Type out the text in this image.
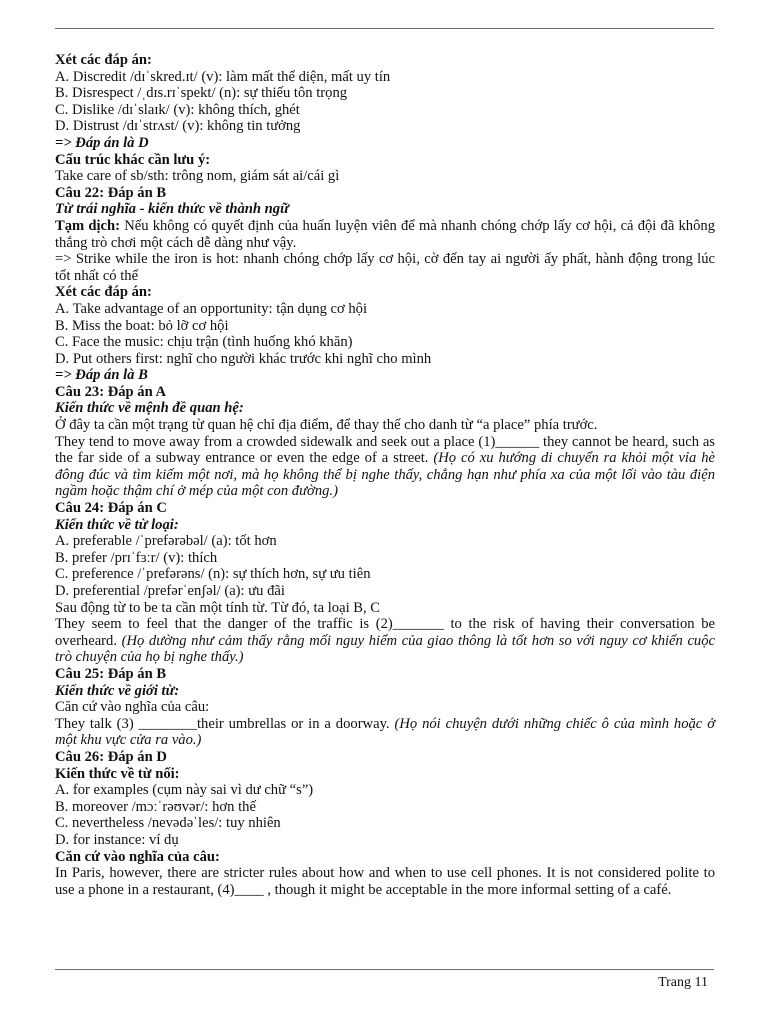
Xét các đáp án:

A. Discredit /dɪˈskred.ɪt/ (v): làm mất thể diện, mất uy tín

B. Disrespect /ˌdɪs.rɪˈspekt/ (n): sự thiếu tôn trọng

C. Dislike /dɪˈslaɪk/ (v): không thích, ghét

D. Distrust /dɪˈstrʌst/ (v): không tin tưởng

=> Đáp án là D

Cấu trúc khác cần lưu ý:

Take care of sb/sth: trông nom, giám sát ai/cái gì

Câu 22: Đáp án B

Từ trái nghĩa - kiến thức về thành ngữ

Tạm dịch: Nếu không có quyết định của huấn luyện viên để mà nhanh chóng chớp lấy cơ hội, cả đội đã không thắng trò chơi một cách dễ dàng như vậy.

=> Strike while the iron is hot: nhanh chóng chớp lấy cơ hội, cờ đến tay ai người ấy phất, hành động trong lúc tốt nhất có thể

Xét các đáp án:

A. Take advantage of an opportunity: tận dụng cơ hội

B. Miss the boat: bỏ lỡ cơ hội

C. Face the music: chịu trận (tình huống khó khăn)

D. Put others first: nghĩ cho người khác trước khi nghĩ cho mình

=> Đáp án là B

Câu 23: Đáp án A

Kiến thức về mệnh đề quan hệ:

Ở đây ta cần một trạng từ quan hệ chỉ địa điểm, để thay thế cho danh từ “a place” phía trước.

They tend to move away from a crowded sidewalk and seek out a place (1)______ they cannot be heard, such as the far side of a subway entrance or even the edge of a street. (Họ có xu hướng di chuyển ra khỏi một vỉa hè đông đúc và tìm kiếm một nơi, mà họ không thể bị nghe thấy, chẳng hạn như phía xa của một lối vào tàu điện ngầm hoặc thậm chí ở mép của một con đường.)

Câu 24: Đáp án C

Kiến thức về từ loại:

A. preferable /ˈprefərəbəl/ (a): tốt hơn

B. prefer /prɪˈfɜːr/ (v): thích

C. preference /ˈprefərəns/ (n): sự thích hơn, sự ưu tiên

D. preferential /prefərˈenʃəl/ (a): ưu đãi

Sau động từ to be ta cần một tính từ. Từ đó, ta loại B, C

They seem to feel that the danger of the traffic is (2)_______ to the risk of having their conversation be overheard. (Họ dường như cảm thấy rằng mối nguy hiểm của giao thông là tốt hơn so với nguy cơ khiến cuộc trò chuyện của họ bị nghe thấy.)

Câu 25: Đáp án B

Kiến thức về giới từ:

Căn cứ vào nghĩa của câu:

They talk (3) ________their umbrellas or in a doorway. (Họ nói chuyện dưới những chiếc ô của mình hoặc ở một khu vực cửa ra vào.)

Câu 26: Đáp án D

Kiến thức về từ nối:

A. for examples (cụm này sai vì dư chữ “s”)

B. moreover /mɔːˈrəʊvər/: hơn thế

C. nevertheless /nevədəˈles/: tuy nhiên

D. for instance: ví dụ

Căn cứ vào nghĩa của câu:

In Paris, however, there are stricter rules about how and when to use cell phones. It is not considered polite to use a phone in a restaurant, (4)____ , though it might be acceptable in the more informal setting of a café.

Trang 11
